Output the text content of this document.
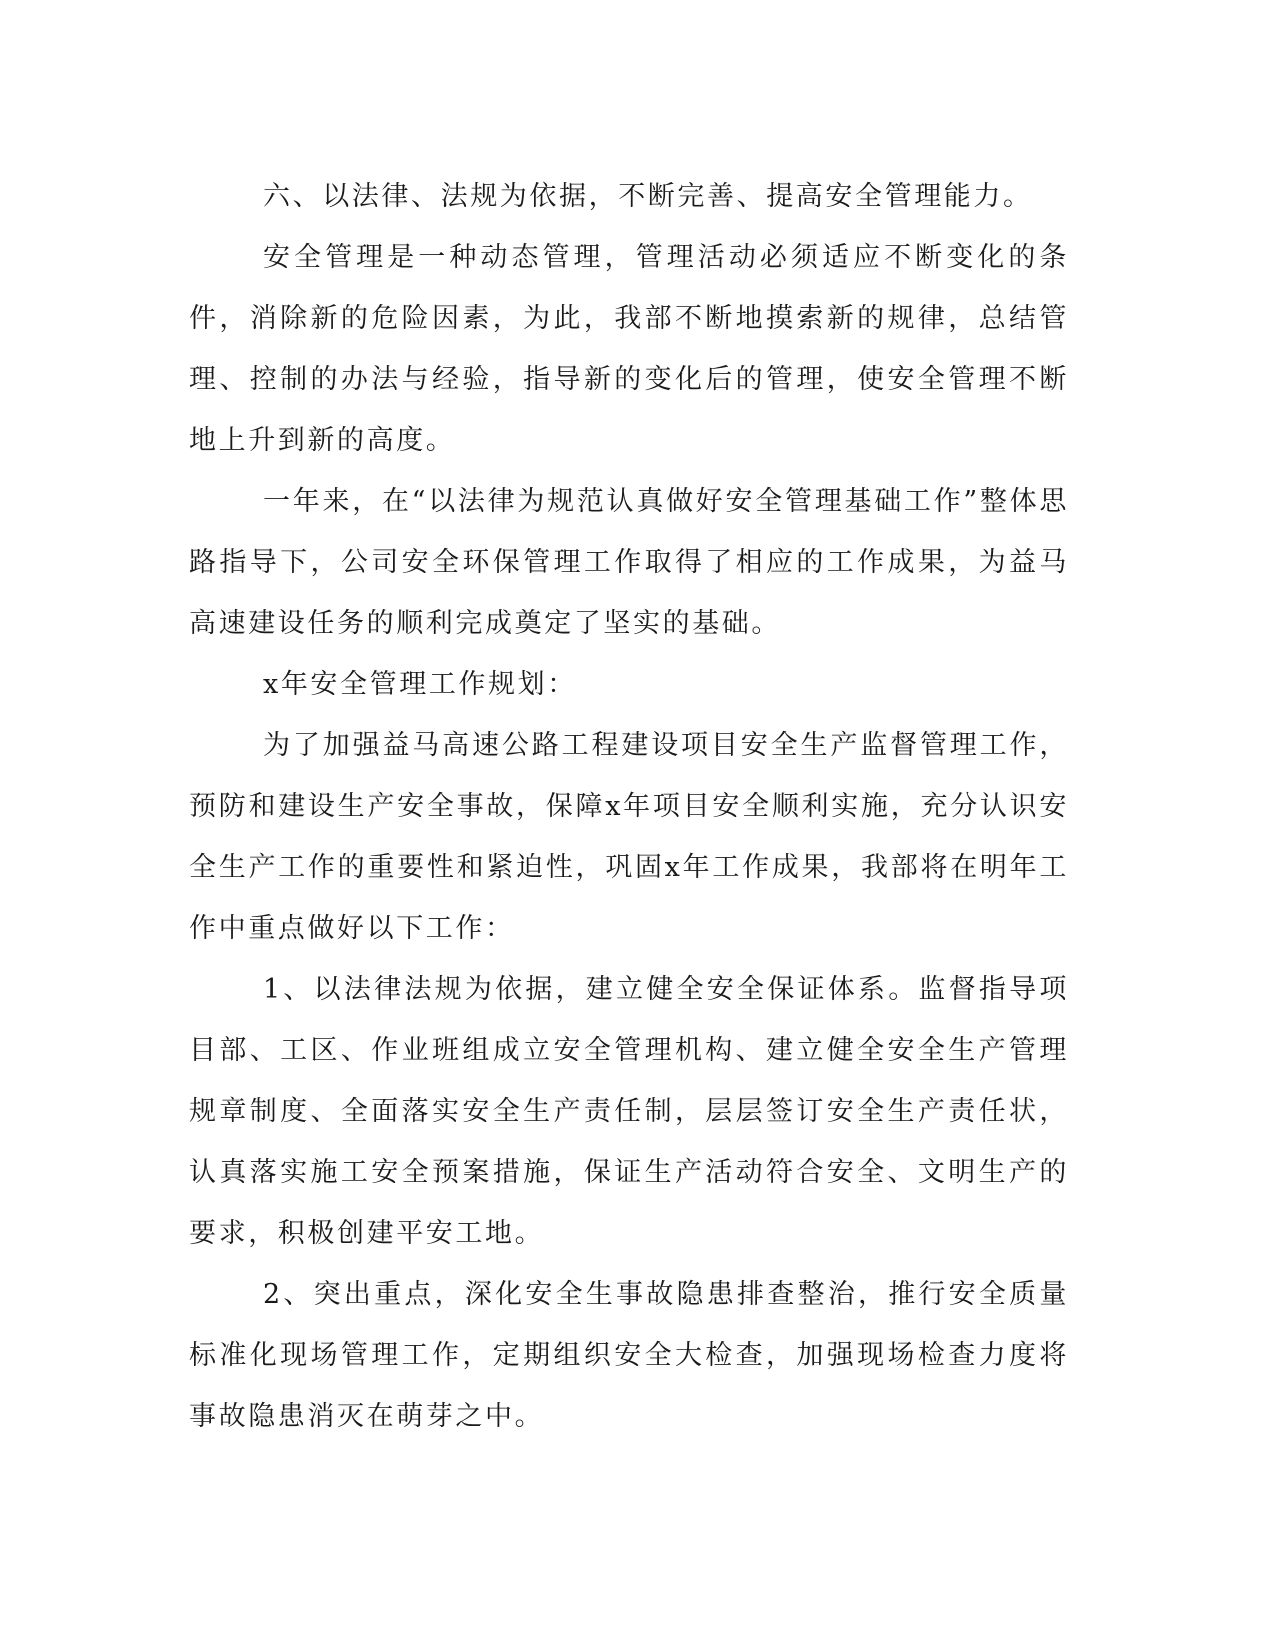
六、以法律、法规为依据，不断完善、提高安全管理能力。

安全管理是一种动态管理，管理活动必须适应不断变化的条件，消除新的危险因素，为此，我部不断地摸索新的规律，总结管理、控制的办法与经验，指导新的变化后的管理，使安全管理不断地上升到新的高度。

一年来，在“以法律为规范认真做好安全管理基础工作”整体思路指导下，公司安全环保管理工作取得了相应的工作成果，为益马高速建设任务的顺利完成奠定了坚实的基础。

x年安全管理工作规划：

为了加强益马高速公路工程建设项目安全生产监督管理工作，预防和建设生产安全事故，保障x年项目安全顺利实施，充分认识安全生产工作的重要性和紧迫性，巩固x年工作成果，我部将在明年工作中重点做好以下工作：

1、以法律法规为依据，建立健全安全保证体系。监督指导项目部、工区、作业班组成立安全管理机构、建立健全安全生产管理规章制度、全面落实安全生产责任制，层层签订安全生产责任状，认真落实施工安全预案措施，保证生产活动符合安全、文明生产的要求，积极创建平安工地。

2、突出重点，深化安全生事故隐患排查整治，推行安全质量标准化现场管理工作，定期组织安全大检查，加强现场检查力度将事故隐患消灭在萌芽之中。
